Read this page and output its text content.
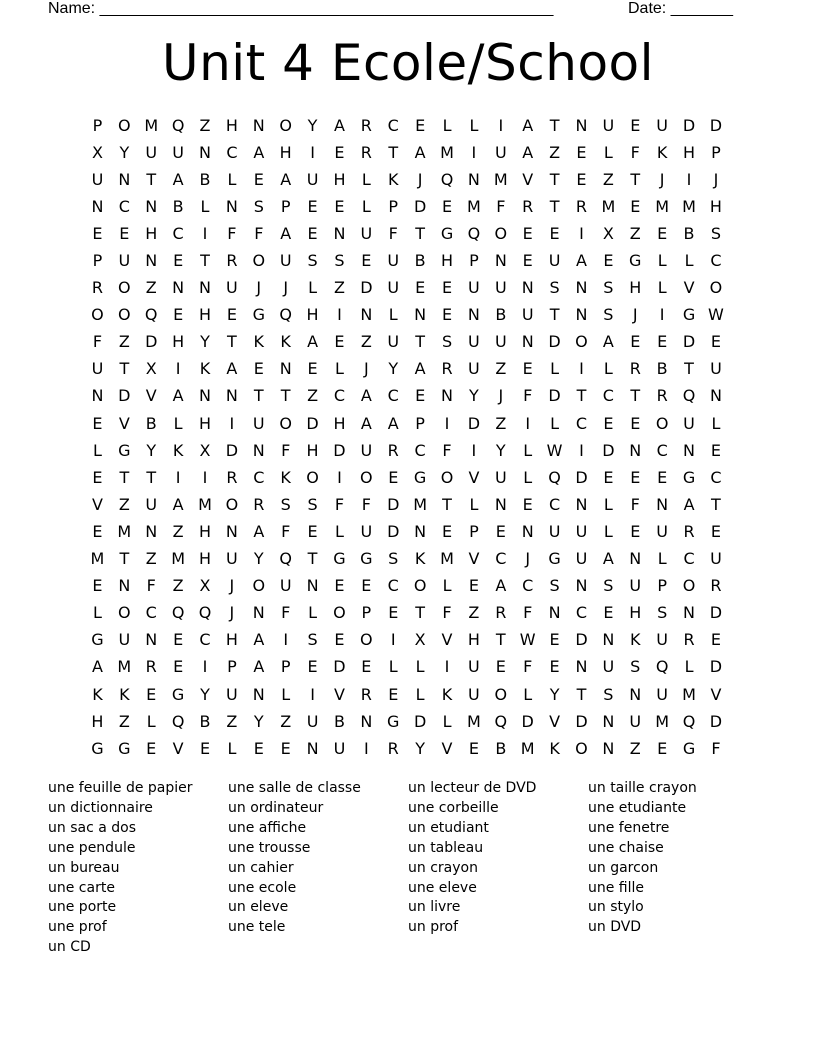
Name: ___________________________________________________	Date: _______
Unit 4 Ecole/School
P O M Q Z H N O Y	A R C	E	L	L	I	A	T	N U E U D D
X	Y	U U N C A H	I	E	R	T	A M	I	U A Z	E	L	F	K H	P
U N	T	A B	L	E	A U H	L	K	J	Q N M V	T	E	Z	T	J	I	J
N C N B	L	N S	P	E	E	L	P D E M F	R	T	R M E M M H
E	E H C	I	F	F	A	E N U	F	T G Q O E	E	I	X Z	E	B	S
P	U N E	T	R O U S	S	E U B H	P	N E U A	E G	L	L	C
R O Z N N U	J	J	L	Z D U E	E U U N S N S H	L	V O
O O Q E H E G Q H	I	N	L	N E N B U	T	N S	J	I	G W
F	Z D H Y	T	K	K	A	E	Z U	T	S U U N D O A	E	E D E
U	T	X	I	K	A	E N E	L	J	Y	A R U Z	E	L	I	L	R B	T	U
N D V A N N	T	T	Z C A C	E N	Y	J	F	D T	C	T	R Q N
E	V B	L	H	I	U O D H A A	P	I	D Z	I	L	C	E	E O U	L
L	G Y	K	X D N	F	H D U R C	F	I	Y	L W	I	D N C N E
E	T	T	I	I	R C	K O	I	O E G O V U	L	Q D E	E	E G C
V Z U A M O R	S	S	F	F	D M T	L	N E	C N	L	F	N A	T
E M N Z H N A	F	E	L	U D N E	P	E N U U	L	E U R	E
M T	Z M H U	Y Q T G G S	K M V C	J	G U A N	L	C U
E N	F	Z X	J	O U N E	E	C O	L	E	A C	S N S U	P O R
L	O C Q Q	J	N	F	L	O P	E	T	F	Z R	F	N C	E H S N D
G U N E	C H A	I	S	E O	I	X V H T W E D N K U R	E
A M R	E	I	P	A	P	E D E	L	L	I	U E	F	E N U S Q	L	D
K	K	E G Y	U N	L	I	V R	E	L	K U O	L	Y	T	S N U M V
H Z	L	Q B Z	Y	Z U B N G D	L M Q D V D N U M Q D
G G E	V	E	L	E	E N U	I	R	Y	V	E	B M K O N Z	E G	F
une feuille de papier
un dictionnaire
un sac a dos
une pendule
un bureau
une carte
une porte
une prof
un CD
une salle de classe
un ordinateur
une affiche
une trousse
un cahier
une ecole
un eleve
une tele
un lecteur de DVD
une corbeille
un etudiant
un tableau
un crayon
une eleve
un livre
un prof
un taille crayon
une etudiante
une fenetre
une chaise
un garcon
une fille
un stylo
un DVD
